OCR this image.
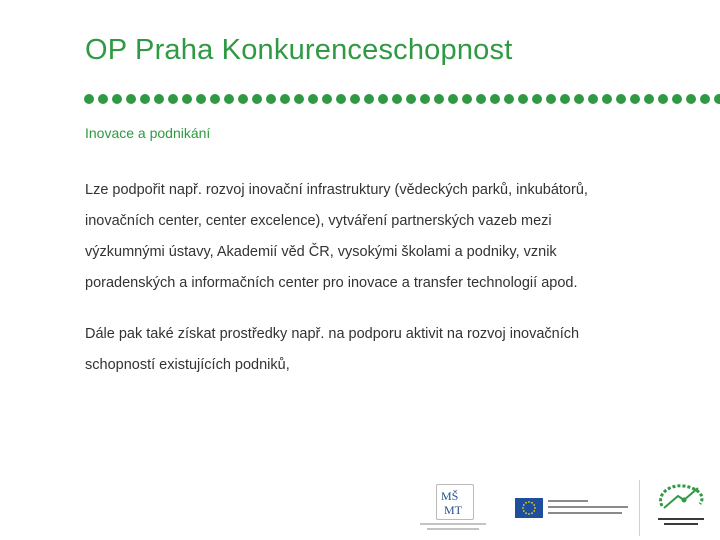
OP Praha Konkurenceschopnost
Inovace a podnikání

Lze podpořit např. rozvoj inovační infrastruktury (vědeckých parků, inkubátorů,
inovačních center, center excelence), vytváření partnerských vazeb mezi
výzkumnými ústavy, Akademií věd ČR, vysokými školami a podniky, vznik
poradenských a informačních center pro inovace a transfer technologií apod.

Dále pak také získat prostředky např. na podporu aktivit na rozvoj inovačních
schopností existujících podniků,

MŠ
MT
